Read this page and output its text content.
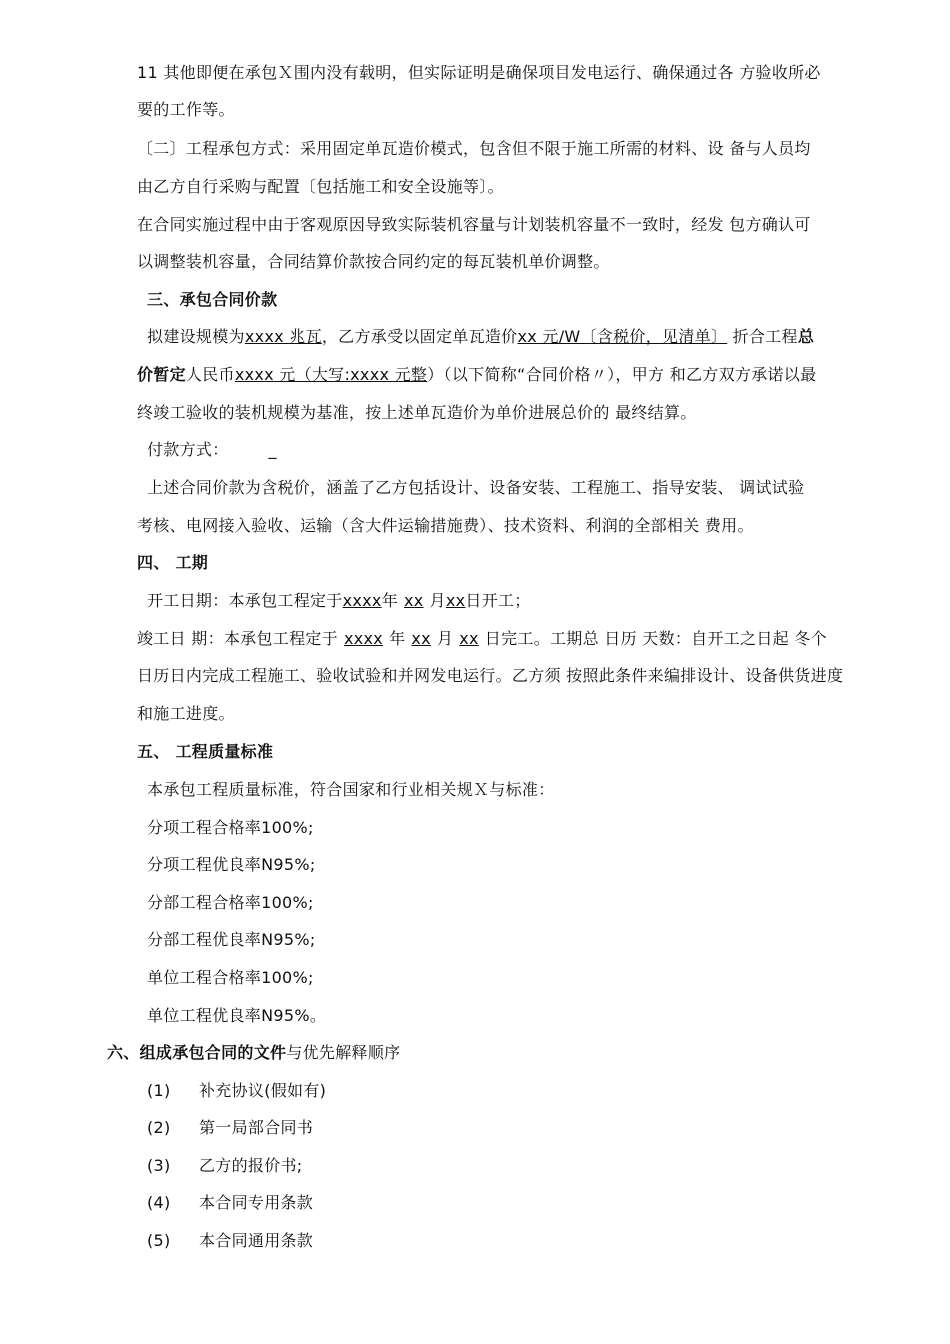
11 其他即便在承包Ｘ围内没有载明，但实际证明是确保项目发电运行、确保通过各 方验收所必
要的工作等。
〔二〕工程承包方式：采用固定单瓦造价模式，包含但不限于施工所需的材料、设 备与人员均
由乙方自行采购与配置〔包括施工和安全设施等〕。
在合同实施过程中由于客观原因导致实际装机容量与计划装机容量不一致时，经发 包方确认可
以调整装机容量，合同结算价款按合同约定的每瓦装机单价调整。
三、承包合同价款
拟建设规模为xxxx 兆瓦，乙方承受以固定单瓦造价xx 元/W〔含税价，见清单〕 折合工程总
价暂定人民币xxxx 元（大写:xxxx 元整）（以下简称“合同价格〃），甲方 和乙方双方承诺以最
终竣工验收的装机规模为基准，按上述单瓦造价为单价进展总价的 最终结算。
付款方式：	_
上述合同价款为含税价，涵盖了乙方包括设计、设备安装、工程施工、指导安装、 调试试验
考核、电网接入验收、运输（含大件运输措施费）、技术资料、利润的全部相关 费用。
四、 工期
开工日期：本承包工程定于xxxx年 xx 月xx日开工；
竣工日 期：本承包工程定于 xxxx 年 xx 月 xx 日完工。工期总 日历 天数：自开工之日起 冬个
日历日内完成工程施工、验收试验和并网发电运行。乙方须 按照此条件来编排设计、设备供货进度
和施工进度。
五、 工程质量标准
本承包工程质量标准，符合国家和行业相关规Ｘ与标准：
分项工程合格率100%;
分项工程优良率N95%;
分部工程合格率100%;
分部工程优良率N95%;
单位工程合格率100%;
单位工程优良率N95%。
六、组成承包合同的文件与优先解释顺序
(1) 补充协议(假如有)
(2) 第一局部合同书
(3) 乙方的报价书;
(4) 本合同专用条款
(5) 本合同通用条款
